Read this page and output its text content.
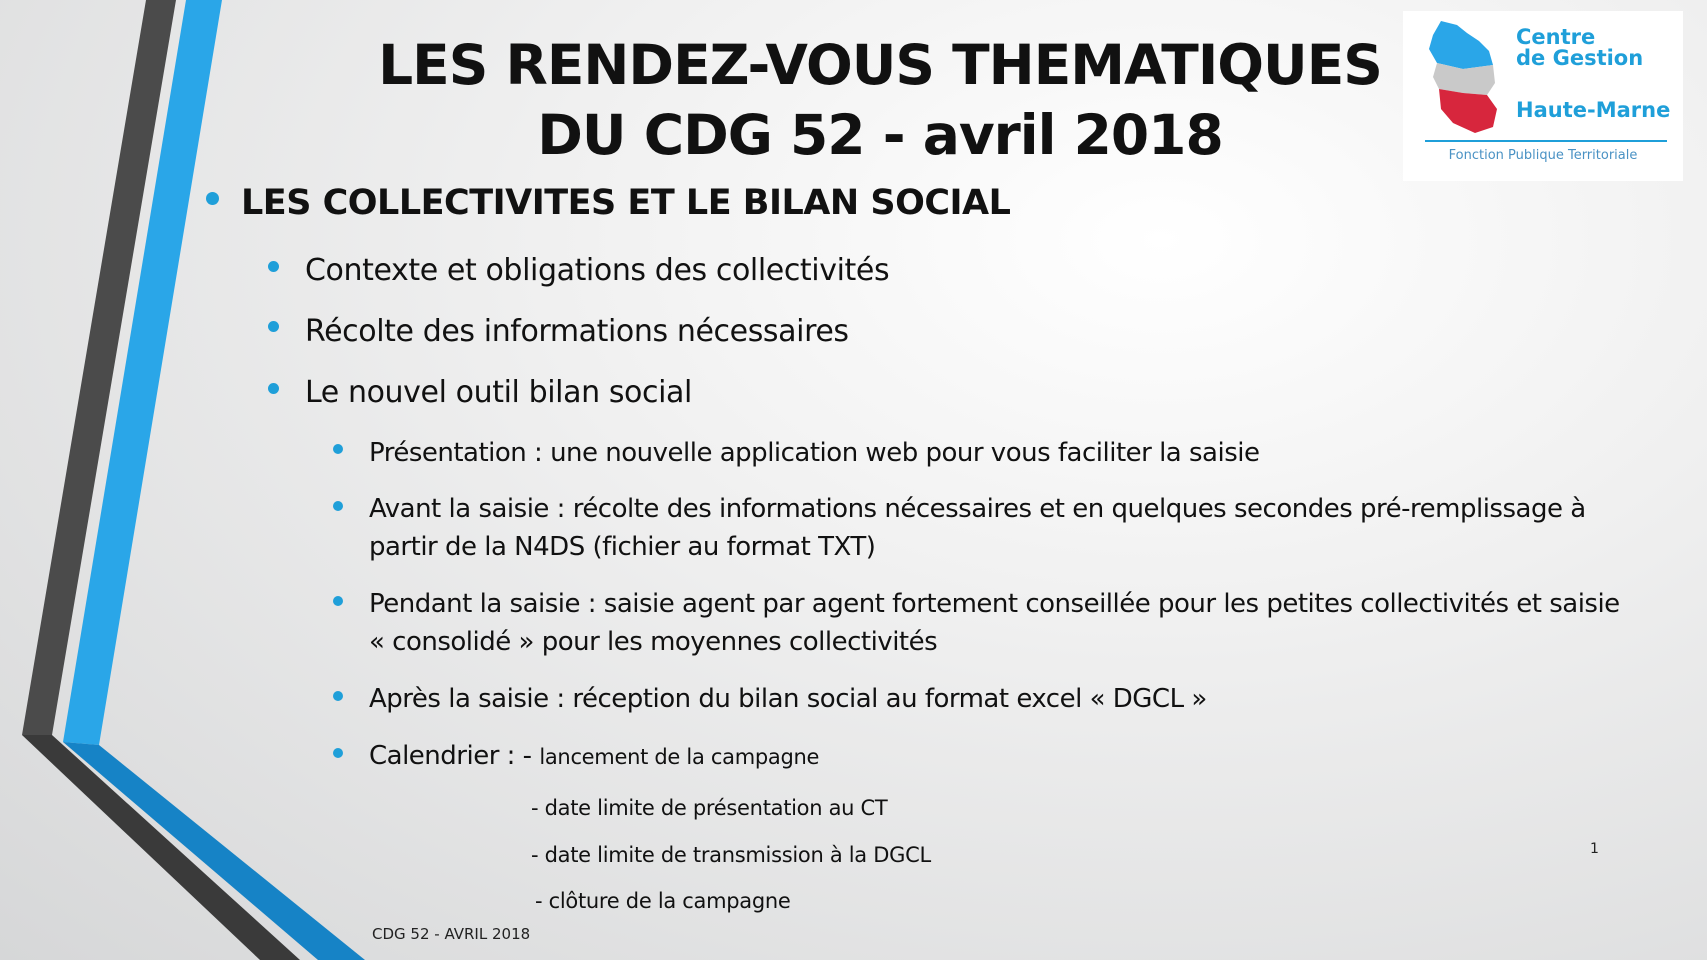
LES RENDEZ-VOUS THEMATIQUES
DU CDG 52 - avril 2018
Centre
de Gestion
Haute-Marne
Fonction Publique Territoriale
LES COLLECTIVITES ET LE BILAN SOCIAL
Contexte et obligations des collectivités
Récolte des informations nécessaires
Le nouvel outil bilan social
Présentation : une nouvelle application web pour vous faciliter la saisie
Avant la saisie : récolte des informations nécessaires et en quelques secondes pré-remplissage à
partir de la N4DS (fichier au format TXT)
Pendant la saisie : saisie agent par agent fortement conseillée pour les petites collectivités et saisie
« consolidé » pour les moyennes collectivités
Après la saisie : réception du bilan social au format excel « DGCL »
Calendrier : - lancement de la campagne
- date limite de présentation au CT
- date limite de transmission à la DGCL
- clôture de la campagne
CDG 52 - AVRIL 2018
1
